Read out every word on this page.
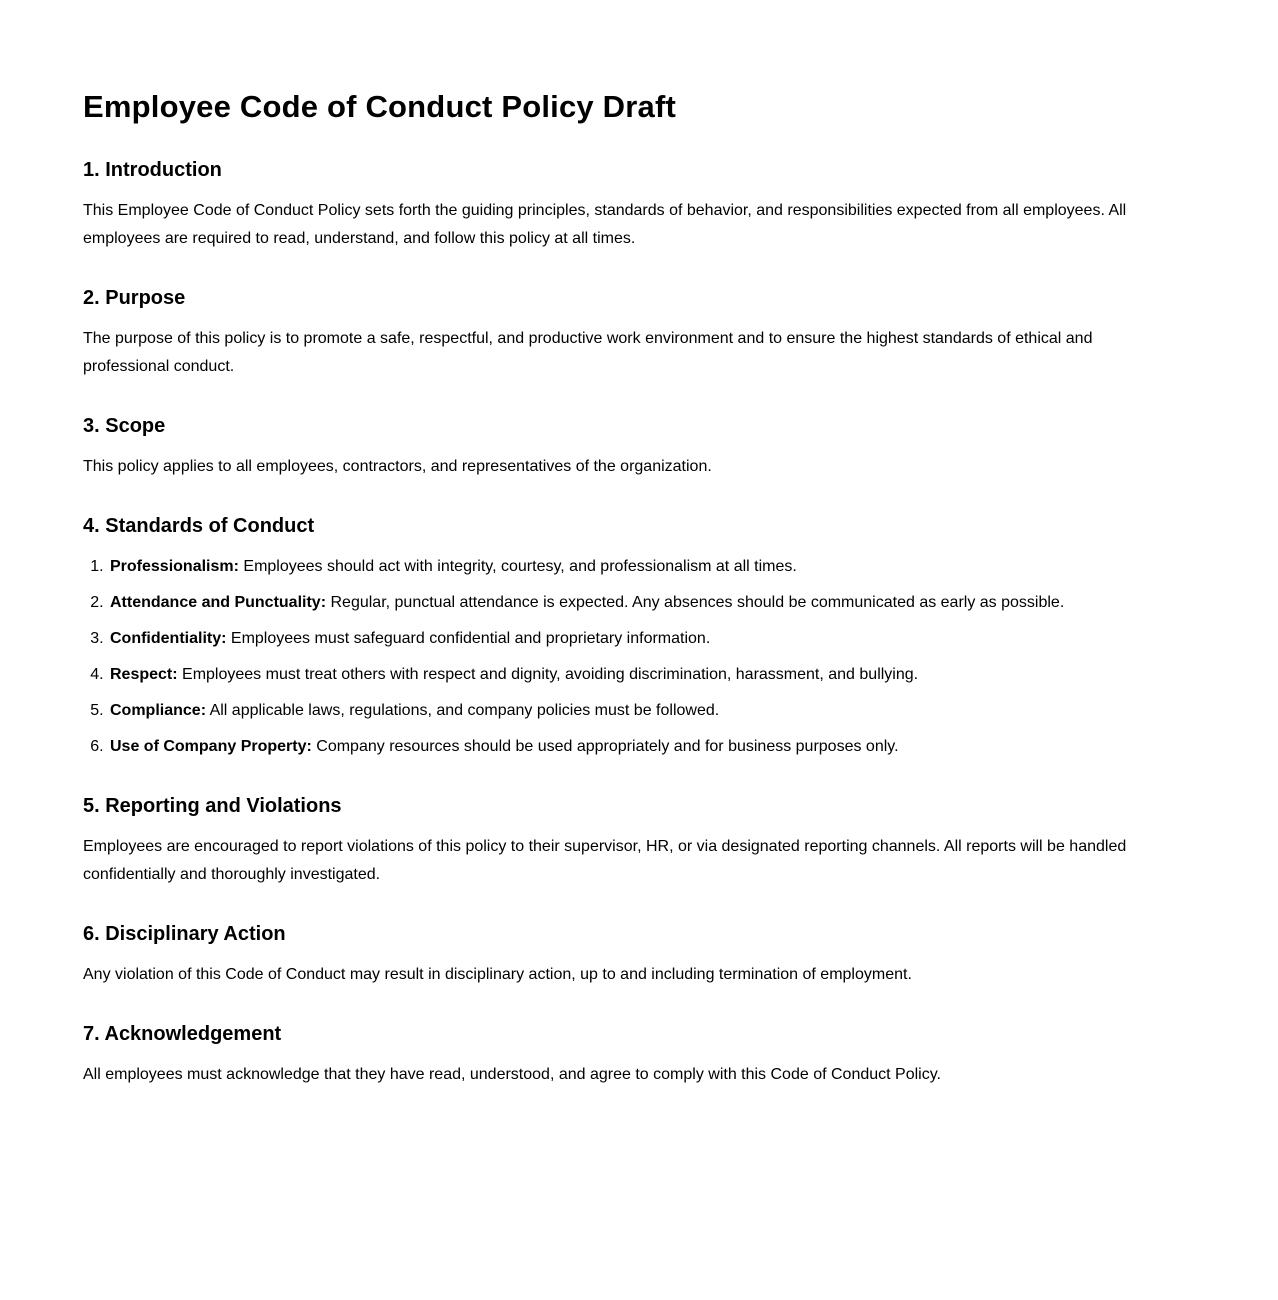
Employee Code of Conduct Policy Draft
1. Introduction

This Employee Code of Conduct Policy sets forth the guiding principles, standards of behavior, and responsibilities expected from all employees. All employees are required to read, understand, and follow this policy at all times.

2. Purpose

The purpose of this policy is to promote a safe, respectful, and productive work environment and to ensure the highest standards of ethical and professional conduct.

3. Scope

This policy applies to all employees, contractors, and representatives of the organization.

4. Standards of Conduct
1. Professionalism: Employees should act with integrity, courtesy, and professionalism at all times.
2. Attendance and Punctuality: Regular, punctual attendance is expected. Any absences should be communicated as early as possible.
3. Confidentiality: Employees must safeguard confidential and proprietary information.
4. Respect: Employees must treat others with respect and dignity, avoiding discrimination, harassment, and bullying.
5. Compliance: All applicable laws, regulations, and company policies must be followed.
6. Use of Company Property: Company resources should be used appropriately and for business purposes only.
5. Reporting and Violations

Employees are encouraged to report violations of this policy to their supervisor, HR, or via designated reporting channels. All reports will be handled confidentially and thoroughly investigated.

6. Disciplinary Action

Any violation of this Code of Conduct may result in disciplinary action, up to and including termination of employment.

7. Acknowledgement

All employees must acknowledge that they have read, understood, and agree to comply with this Code of Conduct Policy.
